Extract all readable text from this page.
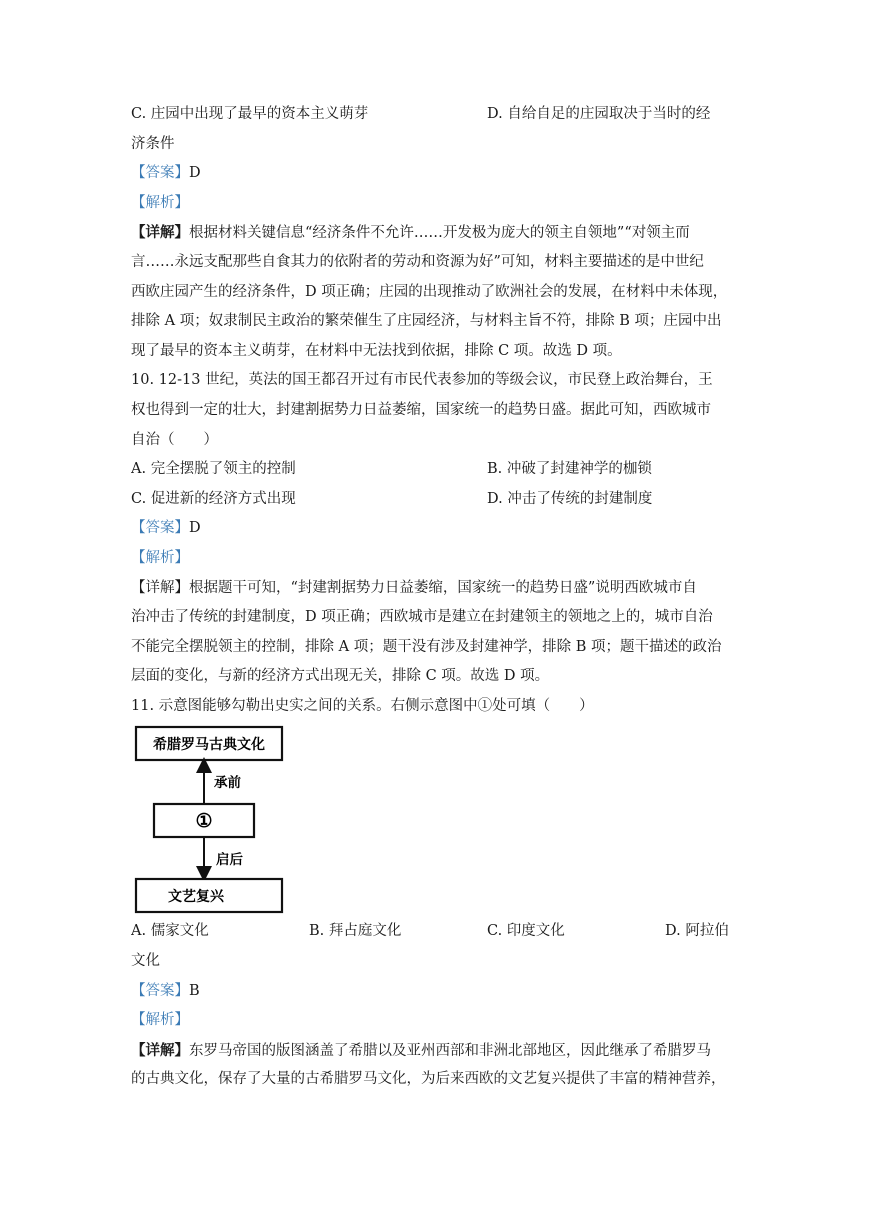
C. 庄园中出现了最早的资本主义萌芽	D. 自给自足的庄园取决于当时的经
济条件
【答案】D
【解析】
【详解】根据材料关键信息“经济条件不允许……开发极为庞大的领主自领地”“对领主而
言……永远支配那些自食其力的依附者的劳动和资源为好”可知，材料主要描述的是中世纪
西欧庄园产生的经济条件，D 项正确；庄园的出现推动了欧洲社会的发展，在材料中未体现，
排除 A 项；奴隶制民主政治的繁荣催生了庄园经济，与材料主旨不符，排除 B 项；庄园中出
现了最早的资本主义萌芽，在材料中无法找到依据，排除 C 项。故选 D 项。
10. 12-13 世纪，英法的国王都召开过有市民代表参加的等级会议，市民登上政治舞台，王
权也得到一定的壮大，封建割据势力日益萎缩，国家统一的趋势日盛。据此可知，西欧城市
自治（　　）
A. 完全摆脱了领主的控制	B. 冲破了封建神学的枷锁
C. 促进新的经济方式出现	D. 冲击了传统的封建制度
【答案】D
【解析】
【详解】根据题干可知，“封建割据势力日益萎缩，国家统一的趋势日盛”说明西欧城市自
治冲击了传统的封建制度，D 项正确；西欧城市是建立在封建领主的领地之上的，城市自治
不能完全摆脱领主的控制，排除 A 项；题干没有涉及封建神学，排除 B 项；题干描述的政治
层面的变化，与新的经济方式出现无关，排除 C 项。故选 D 项。
11. 示意图能够勾勒出史实之间的关系。右侧示意图中①处可填（　　）
希腊罗马古典文化
承前
①
启后
文艺复兴
A. 儒家文化	B. 拜占庭文化	C. 印度文化	D. 阿拉伯
文化
【答案】B
【解析】
【详解】东罗马帝国的版图涵盖了希腊以及亚州西部和非洲北部地区，因此继承了希腊罗马
的古典文化，保存了大量的古希腊罗马文化，为后来西欧的文艺复兴提供了丰富的精神营养，
